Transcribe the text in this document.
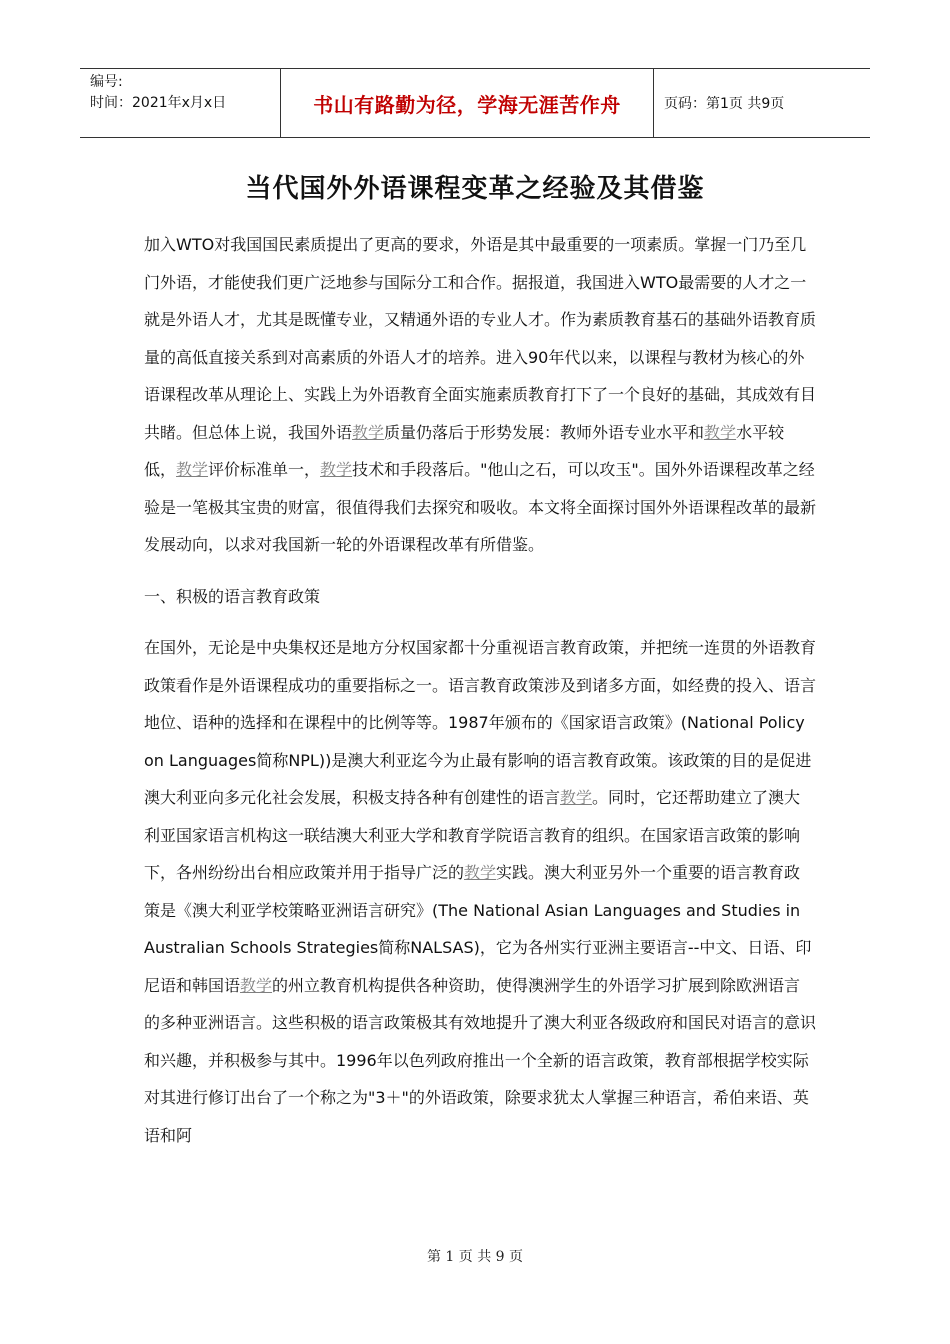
编号:
时间：2021年x月x日	书山有路勤为径，学海无涯苦作舟	页码：第1页 共9页
当代国外外语课程变革之经验及其借鉴

加入WTO对我国国民素质提出了更高的要求，外语是其中最重要的一项素质。掌握一门乃至几门外语，才能使我们更广泛地参与国际分工和合作。据报道，我国进入WTO最需要的人才之一就是外语人才，尤其是既懂专业，又精通外语的专业人才。作为素质教育基石的基础外语教育质量的高低直接关系到对高素质的外语人才的培养。进入90年代以来，以课程与教材为核心的外语课程改革从理论上、实践上为外语教育全面实施素质教育打下了一个良好的基础，其成效有目共睹。但总体上说，我国外语教学质量仍落后于形势发展：教师外语专业水平和教学水平较低，教学评价标准单一，教学技术和手段落后。"他山之石，可以攻玉"。国外外语课程改革之经验是一笔极其宝贵的财富，很值得我们去探究和吸收。本文将全面探讨国外外语课程改革的最新发展动向，以求对我国新一轮的外语课程改革有所借鉴。

一、积极的语言教育政策

在国外，无论是中央集权还是地方分权国家都十分重视语言教育政策，并把统一连贯的外语教育政策看作是外语课程成功的重要指标之一。语言教育政策涉及到诸多方面，如经费的投入、语言地位、语种的选择和在课程中的比例等等。1987年颁布的《国家语言政策》(National Policy on Languages简称NPL))是澳大利亚迄今为止最有影响的语言教育政策。该政策的目的是促进澳大利亚向多元化社会发展，积极支持各种有创建性的语言教学。同时，它还帮助建立了澳大利亚国家语言机构这一联结澳大利亚大学和教育学院语言教育的组织。在国家语言政策的影响下，各州纷纷出台相应政策并用于指导广泛的教学实践。澳大利亚另外一个重要的语言教育政策是《澳大利亚学校策略亚洲语言研究》(The National Asian Languages and Studies in Australian Schools Strategies简称NALSAS)，它为各州实行亚洲主要语言--中文、日语、印尼语和韩国语教学的州立教育机构提供各种资助，使得澳洲学生的外语学习扩展到除欧洲语言的多种亚洲语言。这些积极的语言政策极其有效地提升了澳大利亚各级政府和国民对语言的意识和兴趣，并积极参与其中。1996年以色列政府推出一个全新的语言政策，教育部根据学校实际对其进行修订出台了一个称之为"3＋"的外语政策，除要求犹太人掌握三种语言，希伯来语、英语和阿

第 1 页 共 9 页
